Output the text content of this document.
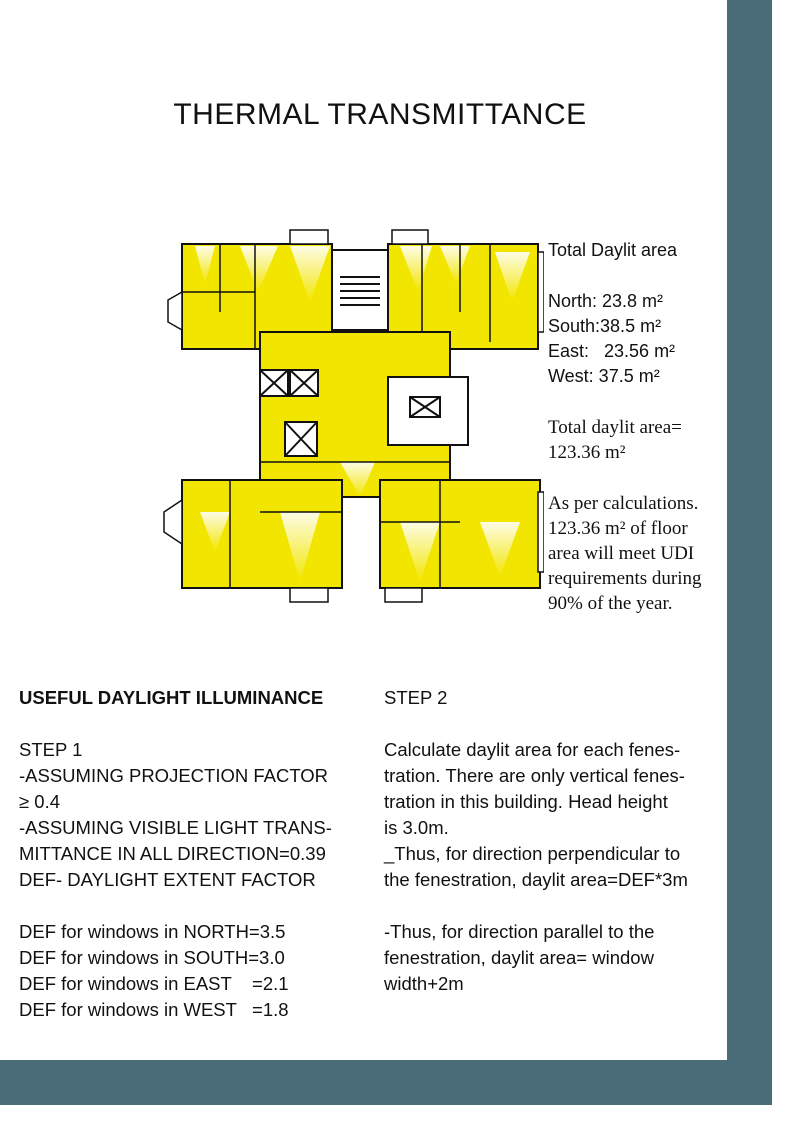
THERMAL TRANSMITTANCE

Total Daylit area

North: 23.8 m²

South:38.5 m²

East:   23.56 m²

West: 37.5 m²

Total daylit area=

123.36 m²

As per calculations.

123.36 m² of floor

area will meet UDI

requirements during

90% of the year.

USEFUL DAYLIGHT ILLUMINANCE

STEP 1

-ASSUMING PROJECTION FACTOR

≥ 0.4

-ASSUMING VISIBLE LIGHT TRANS-

MITTANCE IN ALL DIRECTION=0.39

DEF- DAYLIGHT EXTENT FACTOR

DEF for windows in NORTH=3.5

DEF for windows in SOUTH=3.0

DEF for windows in EAST    =2.1

DEF for windows in WEST   =1.8

STEP 2

Calculate daylit area for each fenes-

tration. There are only vertical fenes-

tration in this building. Head height

is 3.0m.

_Thus, for direction perpendicular to

the fenestration, daylit area=DEF*3m

-Thus, for direction parallel to the

fenestration, daylit area= window

width+2m
